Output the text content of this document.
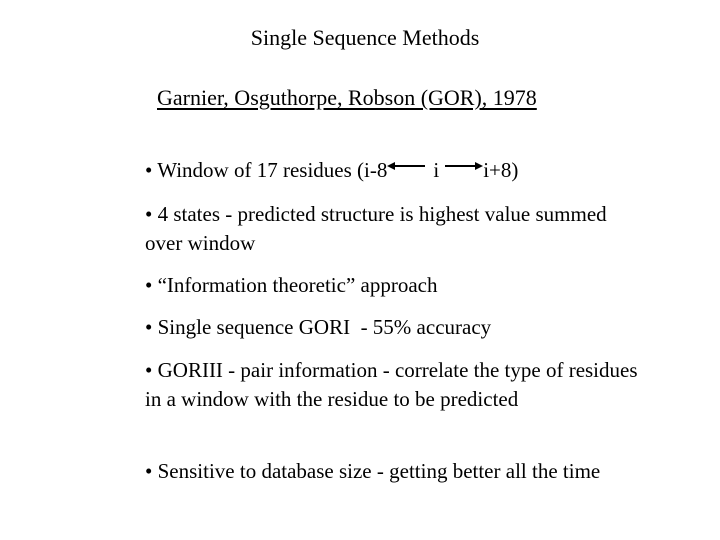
Single Sequence Methods
Garnier, Osguthorpe, Robson (GOR), 1978
• Window of 17 residues (i-8 i i+8)
• 4 states - predicted structure is highest value summed over window
• “Information theoretic” approach
• Single sequence GORI  - 55% accuracy
• GORIII - pair information - correlate the type of residues in a window with the residue to be predicted
• Sensitive to database size - getting better all the time
